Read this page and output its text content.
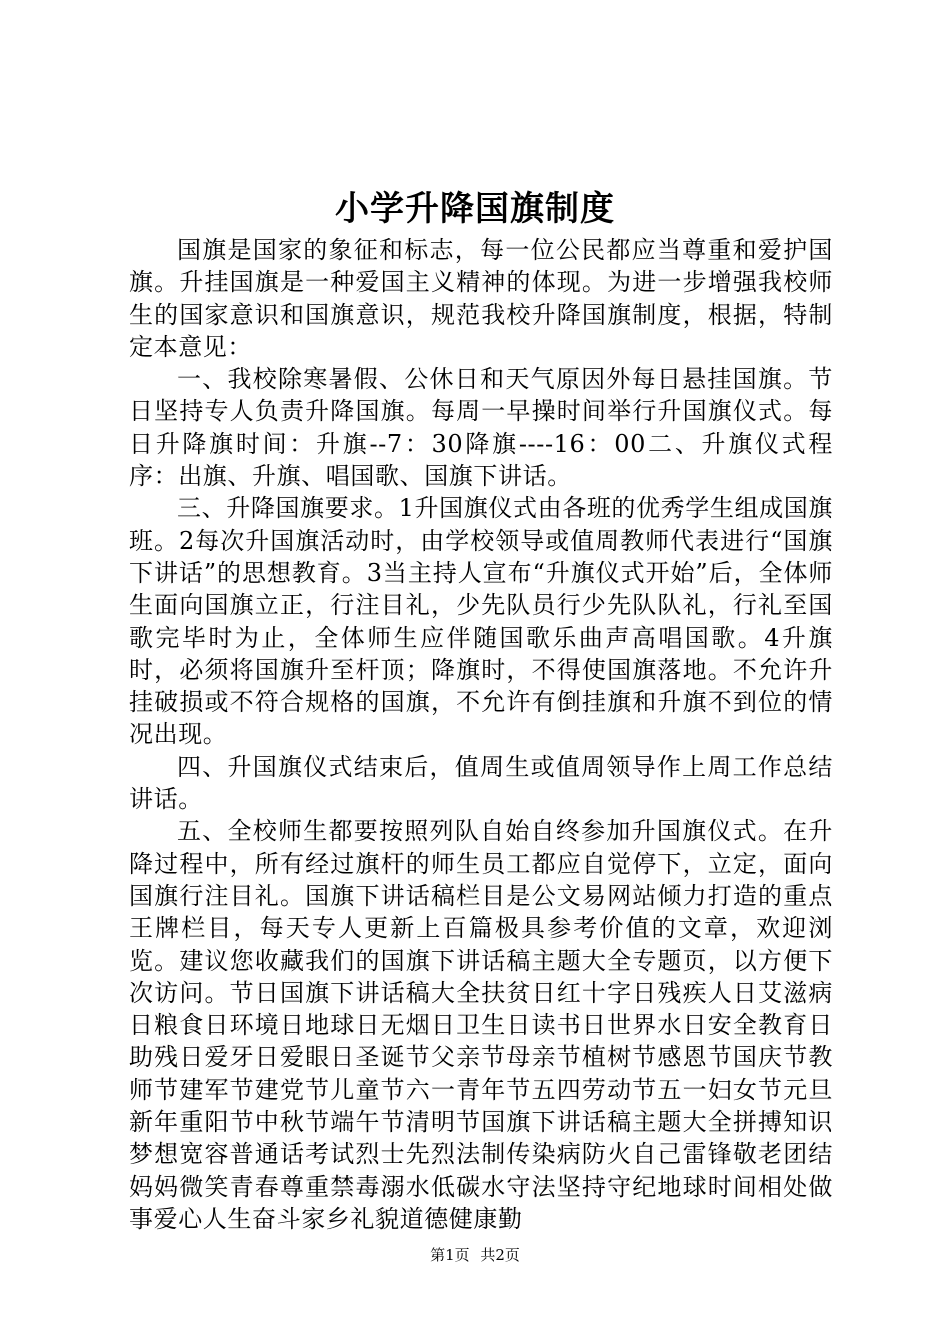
小学升降国旗制度

国旗是国家的象征和标志，每一位公民都应当尊重和爱护国旗。升挂国旗是一种爱国主义精神的体现。为进一步增强我校师生的国家意识和国旗意识，规范我校升降国旗制度，根据，特制定本意见：

一、我校除寒暑假、公休日和天气原因外每日悬挂国旗。节日坚持专人负责升降国旗。每周一早操时间举行升国旗仪式。每日升降旗时间：升旗--7：30降旗----16：00二、升旗仪式程序：出旗、升旗、唱国歌、国旗下讲话。

三、升降国旗要求。1升国旗仪式由各班的优秀学生组成国旗班。2每次升国旗活动时，由学校领导或值周教师代表进行“国旗下讲话”的思想教育。3当主持人宣布“升旗仪式开始”后，全体师生面向国旗立正，行注目礼，少先队员行少先队队礼，行礼至国歌完毕时为止，全体师生应伴随国歌乐曲声高唱国歌。4升旗时，必须将国旗升至杆顶；降旗时，不得使国旗落地。不允许升挂破损或不符合规格的国旗，不允许有倒挂旗和升旗不到位的情况出现。

四、升国旗仪式结束后，值周生或值周领导作上周工作总结讲话。

五、全校师生都要按照列队自始自终参加升国旗仪式。在升降过程中，所有经过旗杆的师生员工都应自觉停下，立定，面向国旗行注目礼。国旗下讲话稿栏目是公文易网站倾力打造的重点王牌栏目，每天专人更新上百篇极具参考价值的文章，欢迎浏览。建议您收藏我们的国旗下讲话稿主题大全专题页，以方便下次访问。节日国旗下讲话稿大全扶贫日红十字日残疾人日艾滋病日粮食日环境日地球日无烟日卫生日读书日世界水日安全教育日助残日爱牙日爱眼日圣诞节父亲节母亲节植树节感恩节国庆节教师节建军节建党节儿童节六一青年节五四劳动节五一妇女节元旦新年重阳节中秋节端午节清明节国旗下讲话稿主题大全拼搏知识梦想宽容普通话考试烈士先烈法制传染病防火自己雷锋敬老团结妈妈微笑青春尊重禁毒溺水低碳水守法坚持守纪地球时间相处做事爱心人生奋斗家乡礼貌道德健康勤

第1页 共2页
